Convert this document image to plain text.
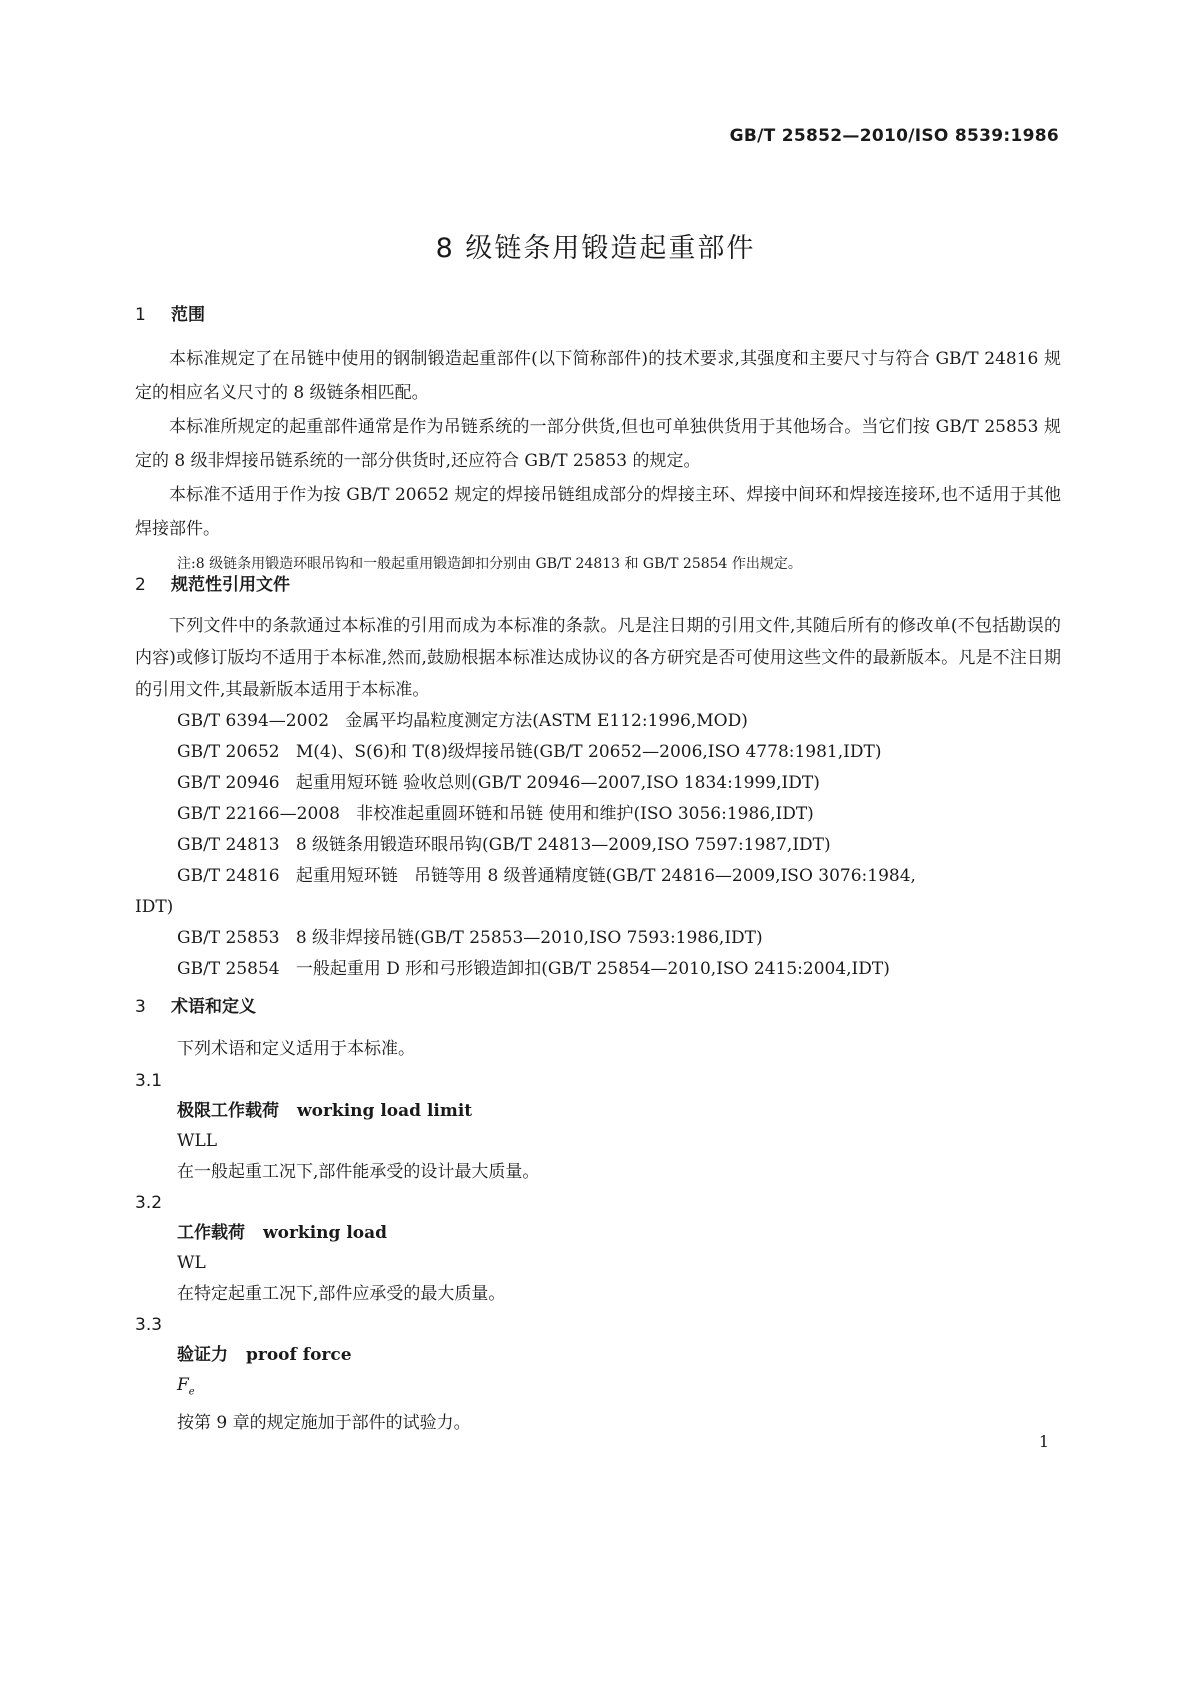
GB/T 25852—2010/ISO 8539:1986
8 级链条用锻造起重部件
1 范围
本标准规定了在吊链中使用的钢制锻造起重部件(以下简称部件)的技术要求,其强度和主要尺寸与符合 GB/T 24816 规定的相应名义尺寸的 8 级链条相匹配。
本标准所规定的起重部件通常是作为吊链系统的一部分供货,但也可单独供货用于其他场合。当它们按 GB/T 25853 规定的 8 级非焊接吊链系统的一部分供货时,还应符合 GB/T 25853 的规定。
本标准不适用于作为按 GB/T 20652 规定的焊接吊链组成部分的焊接主环、焊接中间环和焊接连接环,也不适用于其他焊接部件。
注:8 级链条用锻造环眼吊钩和一般起重用锻造卸扣分别由 GB/T 24813 和 GB/T 25854 作出规定。
2 规范性引用文件
下列文件中的条款通过本标准的引用而成为本标准的条款。凡是注日期的引用文件,其随后所有的修改单(不包括勘误的内容)或修订版均不适用于本标准,然而,鼓励根据本标准达成协议的各方研究是否可使用这些文件的最新版本。凡是不注日期的引用文件,其最新版本适用于本标准。
GB/T 6394—2002   金属平均晶粒度测定方法(ASTM E112:1996,MOD)
GB/T 20652   M(4)、S(6)和 T(8)级焊接吊链(GB/T 20652—2006,ISO 4778:1981,IDT)
GB/T 20946   起重用短环链 验收总则(GB/T 20946—2007,ISO 1834:1999,IDT)
GB/T 22166—2008   非校准起重圆环链和吊链 使用和维护(ISO 3056:1986,IDT)
GB/T 24813   8 级链条用锻造环眼吊钩(GB/T 24813—2009,ISO 7597:1987,IDT)
GB/T 24816   起重用短环链   吊链等用 8 级普通精度链(GB/T 24816—2009,ISO 3076:1984,
IDT)
GB/T 25853   8 级非焊接吊链(GB/T 25853—2010,ISO 7593:1986,IDT)
GB/T 25854   一般起重用 D 形和弓形锻造卸扣(GB/T 25854—2010,ISO 2415:2004,IDT)
3 术语和定义
下列术语和定义适用于本标准。
3.1
极限工作载荷 working load limit
WLL
在一般起重工况下,部件能承受的设计最大质量。
3.2
工作载荷 working load
WL
在特定起重工况下,部件应承受的最大质量。
3.3
验证力 proof force
$F_e$
按第 9 章的规定施加于部件的试验力。
1
